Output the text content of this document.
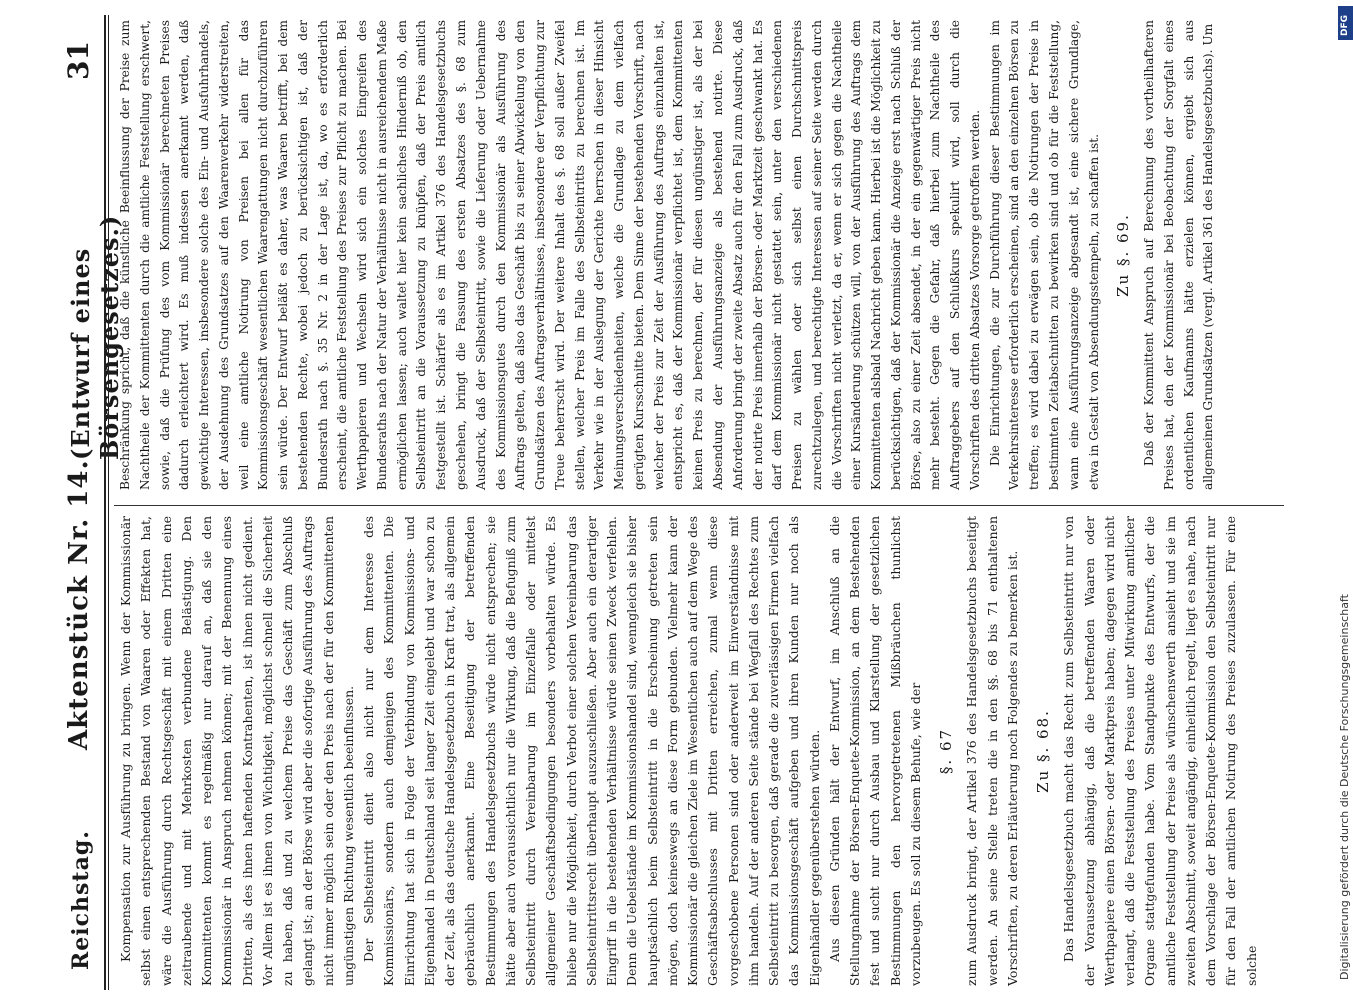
Reichstag.
Aktenstück Nr. 14.
(Entwurf eines Börsengesetzes.)
31

Kompensation zur Ausführung zu bringen. Wenn der Kommissionär selbst einen entsprechenden Bestand von Waaren oder Effekten hat, wäre die Ausführung durch Rechtsgeschäft mit einem Dritten eine zeitraubende und mit Mehrkosten verbundene Belästigung. Den Kommittenten kommt es regelmäßig nur darauf an, daß sie den Kommissionär in Anspruch nehmen können; mit der Benennung eines Dritten, als des ihnen haftenden Kontrahenten, ist ihnen nicht gedient. Vor Allem ist es ihnen von Wichtigkeit, möglichst schnell die Sicherheit zu haben, daß und zu welchem Preise das Geschäft zum Abschluß gelangt ist; an der Börse wird aber die sofortige Ausführung des Auftrags nicht immer möglich sein oder den Preis nach der für den Kommittenten ungünstigen Richtung wesentlich beeinflussen. Der Selbsteintritt dient also nicht nur dem Interesse des Kommissionärs, sondern auch demjenigen des Kommittenten. Die Einrichtung hat sich in Folge der Verbindung von Kommissions- und Eigenhandel in Deutschland seit langer Zeit eingelebt und war schon zu der Zeit, als das deutsche Handelsgesetzbuch in Kraft trat, als allgemein gebräuchlich anerkannt. Eine Beseitigung der betreffenden Bestimmungen des Handelsgesetzbuchs würde nicht entsprechen; sie hätte aber auch voraussichtlich nur die Wirkung, daß die Befugniß zum Selbsteintritt durch Vereinbarung im Einzelfalle oder mittelst allgemeiner Geschäftsbedingungen besonders vorbehalten würde. Es bliebe nur die Möglichkeit, durch Verbot einer solchen Vereinbarung das Selbsteintrittsrecht überhaupt auszuschließen. Aber auch ein derartiger Eingriff in die bestehenden Verhältnisse würde seinen Zweck verfehlen. Denn die Uebelstände im Kommissionshandel sind, wenngleich sie bisher hauptsächlich beim Selbsteintritt in die Erscheinung getreten sein mögen, doch keineswegs an diese Form gebunden. Vielmehr kann der Kommissionär die gleichen Ziele im Wesentlichen auch auf dem Wege des Geschäftsabschlusses mit Dritten erreichen, zumal wenn diese vorgeschobene Personen sind oder anderweit im Einverständnisse mit ihm handeln. Auf der anderen Seite stände bei Wegfall des Rechtes zum Selbsteintritt zu besorgen, daß gerade die zuverlässigen Firmen vielfach das Kommissionsgeschäft aufgeben und ihren Kunden nur noch als Eigenhändler gegenüberstehen würden. Aus diesen Gründen hält der Entwurf, im Anschluß an die Stellungnahme der Börsen-Enquete-Kommission, an dem Bestehenden fest und sucht nur durch Ausbau und Klarstellung der gesetzlichen Bestimmungen den hervorgetretenen Mißbräuchen thunlichst vorzubeugen. Es soll zu diesem Behufe, wie der §. 67 zum Ausdruck bringt, der Artikel 376 des Handelsgesetzbuchs beseitigt werden. An seine Stelle treten die in den §§. 68 bis 71 enthaltenen Vorschriften, zu deren Erläuterung noch Folgendes zu bemerken ist. Zu §. 68. Das Handelsgesetzbuch macht das Recht zum Selbsteintritt nur von der Voraussetzung abhängig, daß die betreffenden Waaren oder Werthpapiere einen Börsen- oder Marktpreis haben; dagegen wird nicht verlangt, daß die Feststellung des Preises unter Mitwirkung amtlicher Organe stattgefunden habe. Vom Standpunkte des Entwurfs, der die amtliche Feststellung der Preise als wünschenswerth ansieht und sie im zweiten Abschnitt, soweit angängig, einheitlich regelt, liegt es nahe, nach dem Vorschlage der Börsen-Enquete-Kommission den Selbsteintritt nur für den Fall der amtlichen Notirung des Preises zuzulassen. Für eine solche

Beschränkung spricht, daß die künstliche Beeinflussung der Preise zum Nachtheile der Kommittenten durch die amtliche Feststellung erschwert, sowie, daß die Prüfung des vom Kommissionär berechneten Preises dadurch erleichtert wird. Es muß indessen anerkannt werden, daß gewichtige Interessen, insbesondere solche des Ein- und Ausfuhrhandels, der Ausdehnung des Grundsatzes auf den Waarenverkehr widerstreiten, weil eine amtliche Notirung von Preisen bei allen für das Kommissionsgeschäft wesentlichen Waarengattungen nicht durchzuführen sein würde. Der Entwurf beläßt es daher, was Waaren betrifft, bei dem bestehenden Rechte, wobei jedoch zu berücksichtigen ist, daß der Bundesrath nach §. 35 Nr. 2 in der Lage ist, da, wo es erforderlich erscheint, die amtliche Feststellung des Preises zur Pflicht zu machen. Bei Werthpapieren und Wechseln wird sich ein solches Eingreifen des Bundesraths nach der Natur der Verhältnisse nicht in ausreichendem Maße ermöglichen lassen; auch waltet hier kein sachliches Hinderniß ob, den Selbsteintritt an die Voraussetzung zu knüpfen, daß der Preis amtlich festgestellt ist. Schärfer als es im Artikel 376 des Handelsgesetzbuchs geschehen, bringt die Fassung des ersten Absatzes des §. 68 zum Ausdruck, daß der Selbsteintritt, sowie die Lieferung oder Uebernahme des Kommissionsgutes durch den Kommissionär als Ausführung des Auftrags gelten, daß also das Geschäft bis zu seiner Abwickelung von den Grundsätzen des Auftragsverhältnisses, insbesondere der Verpflichtung zur Treue beherrscht wird. Der weitere Inhalt des §. 68 soll außer Zweifel stellen, welcher Preis im Falle des Selbsteintritts zu berechnen ist. Im Verkehr wie in der Auslegung der Gerichte herrschen in dieser Hinsicht Meinungsverschiedenheiten, welche die Grundlage zu dem vielfach gerügten Kursschnitte bieten. Dem Sinne der bestehenden Vorschrift, nach welcher der Preis zur Zeit der Ausführung des Auftrags einzuhalten ist, entspricht es, daß der Kommissionär verpflichtet ist, dem Kommittenten keinen Preis zu berechnen, der für diesen ungünstiger ist, als der bei Absendung der Ausführungsanzeige als bestehend notirte. Diese Anforderung bringt der zweite Absatz auch für den Fall zum Ausdruck, daß der notirte Preis innerhalb der Börsen- oder Marktzeit geschwankt hat. Es darf dem Kommissionär nicht gestattet sein, unter den verschiedenen Preisen zu wählen oder sich selbst einen Durchschnittspreis zurechtzulegen, und berechtigte Interessen auf seiner Seite werden durch die Vorschriften nicht verletzt, da er, wenn er sich gegen die Nachtheile einer Kursänderung schützen will, von der Ausführung des Auftrags dem Kommittenten alsbald Nachricht geben kann. Hierbei ist die Möglichkeit zu berücksichtigen, daß der Kommissionär die Anzeige erst nach Schluß der Börse, also zu einer Zeit absendet, in der ein gegenwärtiger Preis nicht mehr besteht. Gegen die Gefahr, daß hierbei zum Nachtheile des Auftraggebers auf den Schlußkurs spekulirt wird, soll durch die Vorschriften des dritten Absatzes Vorsorge getroffen werden. Die Einrichtungen, die zur Durchführung dieser Bestimmungen im Verkehrsinteresse erforderlich erscheinen, sind an den einzelnen Börsen zu treffen; es wird dabei zu erwägen sein, ob die Notirungen der Preise in bestimmten Zeitabschnitten zu bewirken sind und ob für die Feststellung, wann eine Ausführungsanzeige abgesandt ist, eine sichere Grundlage, etwa in Gestalt von Absendungsstempeln, zu schaffen ist. Zu §. 69. Daß der Kommittent Anspruch auf Berechnung des vortheilhafteren Preises hat, den der Kommissionär bei Beobachtung der Sorgfalt eines ordentlichen Kaufmanns hätte erzielen können, ergiebt sich aus allgemeinen Grundsätzen (vergl. Artikel 361 des Handelsgesetzbuchs). Um	DFG
Digitalisierung gefördert durch die Deutsche Forschungsgemeinschaft
